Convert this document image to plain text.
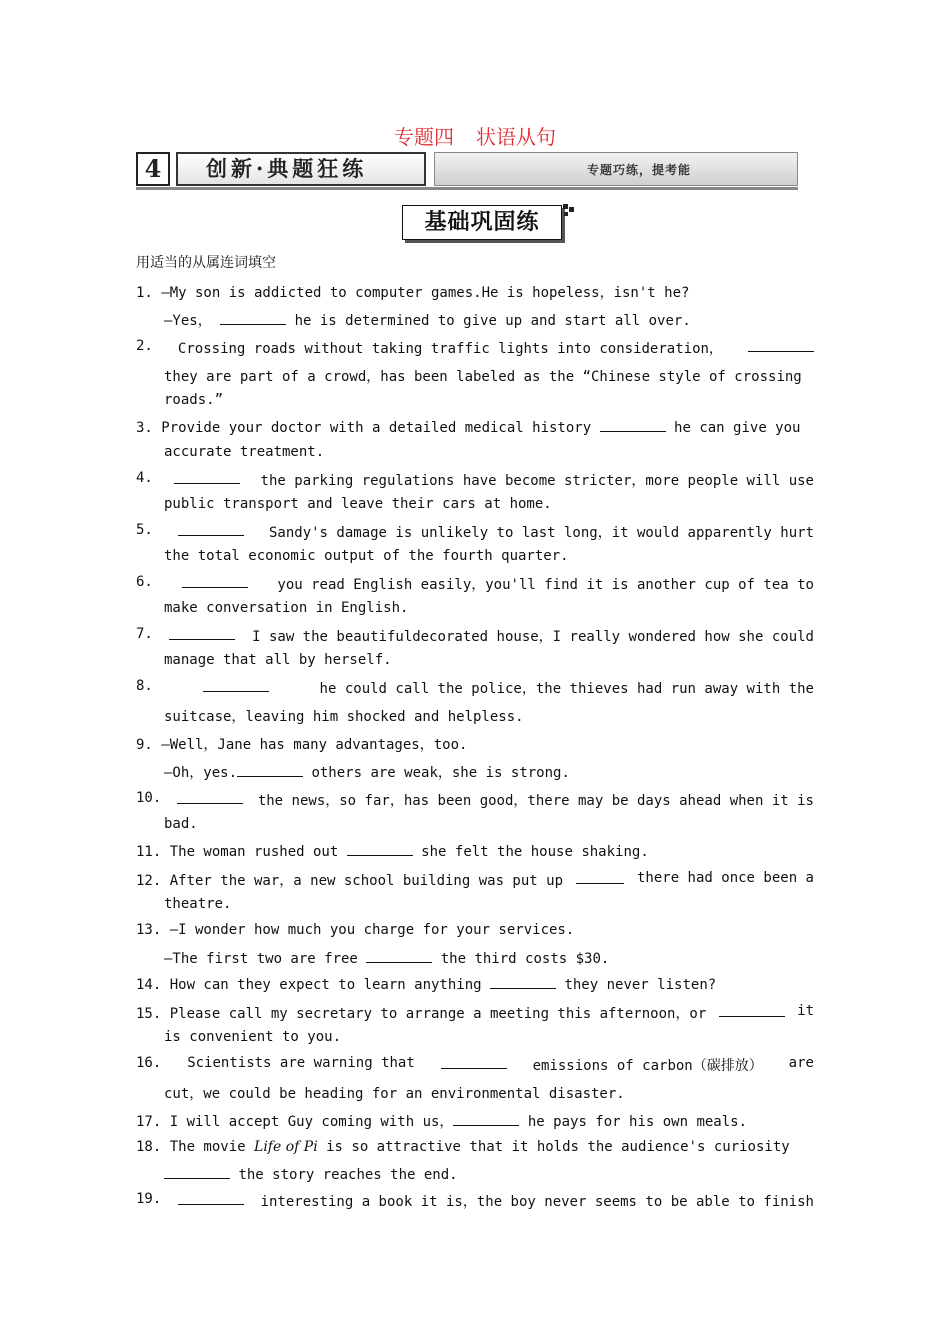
专题四 状语从句
4	创新·典题狂练	专题巧练，提考能
基础巩固练
用适当的从属连词填空
1. —My son is addicted to computer games.He is hopeless，isn't he?
—Yes，	he is determined to give up and start all over.
2. Crossing roads without taking traffic lights into consideration，
they are part of a crowd，has been labeled as the “Chinese style of crossing
roads.”
3. Provide your doctor with a detailed medical history	he can give you
accurate treatment.
4.	the parking regulations have become stricter，more people will use
public transport and leave their cars at home.
5.	Sandy's damage is unlikely to last long，it would apparently hurt
the total economic output of the fourth quarter.
6.	you read English easily，you'll find it is another cup of tea to
make conversation in English.
7.	I saw the beautifuldecorated house，I really wondered how she could
manage that all by herself.
8.	he could call the police，the thieves had run away with the
suitcase，leaving him shocked and helpless.
9. —Well，Jane has many advantages，too.
—Oh，yes.	others are weak，she is strong.
10.	the news，so far，has been good，there may be days ahead when it is
bad.
11. The woman rushed out	she felt the house shaking.
12. After the war，a new school building was put up	there had once been a
theatre.
13. —I wonder how much you charge for your services.
—The first two are free	the third costs $30.
14. How can they expect to learn anything	they never listen?
15. Please call my secretary to arrange a meeting this afternoon，or	it
is convenient to you.
16. Scientists are warning that	emissions of carbon（碳排放） are
cut，we could be heading for an environmental disaster.
17. I will accept Guy coming with us，	he pays for his own meals.
18. The movie Life of Pi is so attractive that it holds the audience's curiosity
the story reaches the end.
19.	interesting a book it is，the boy never seems to be able to finish
